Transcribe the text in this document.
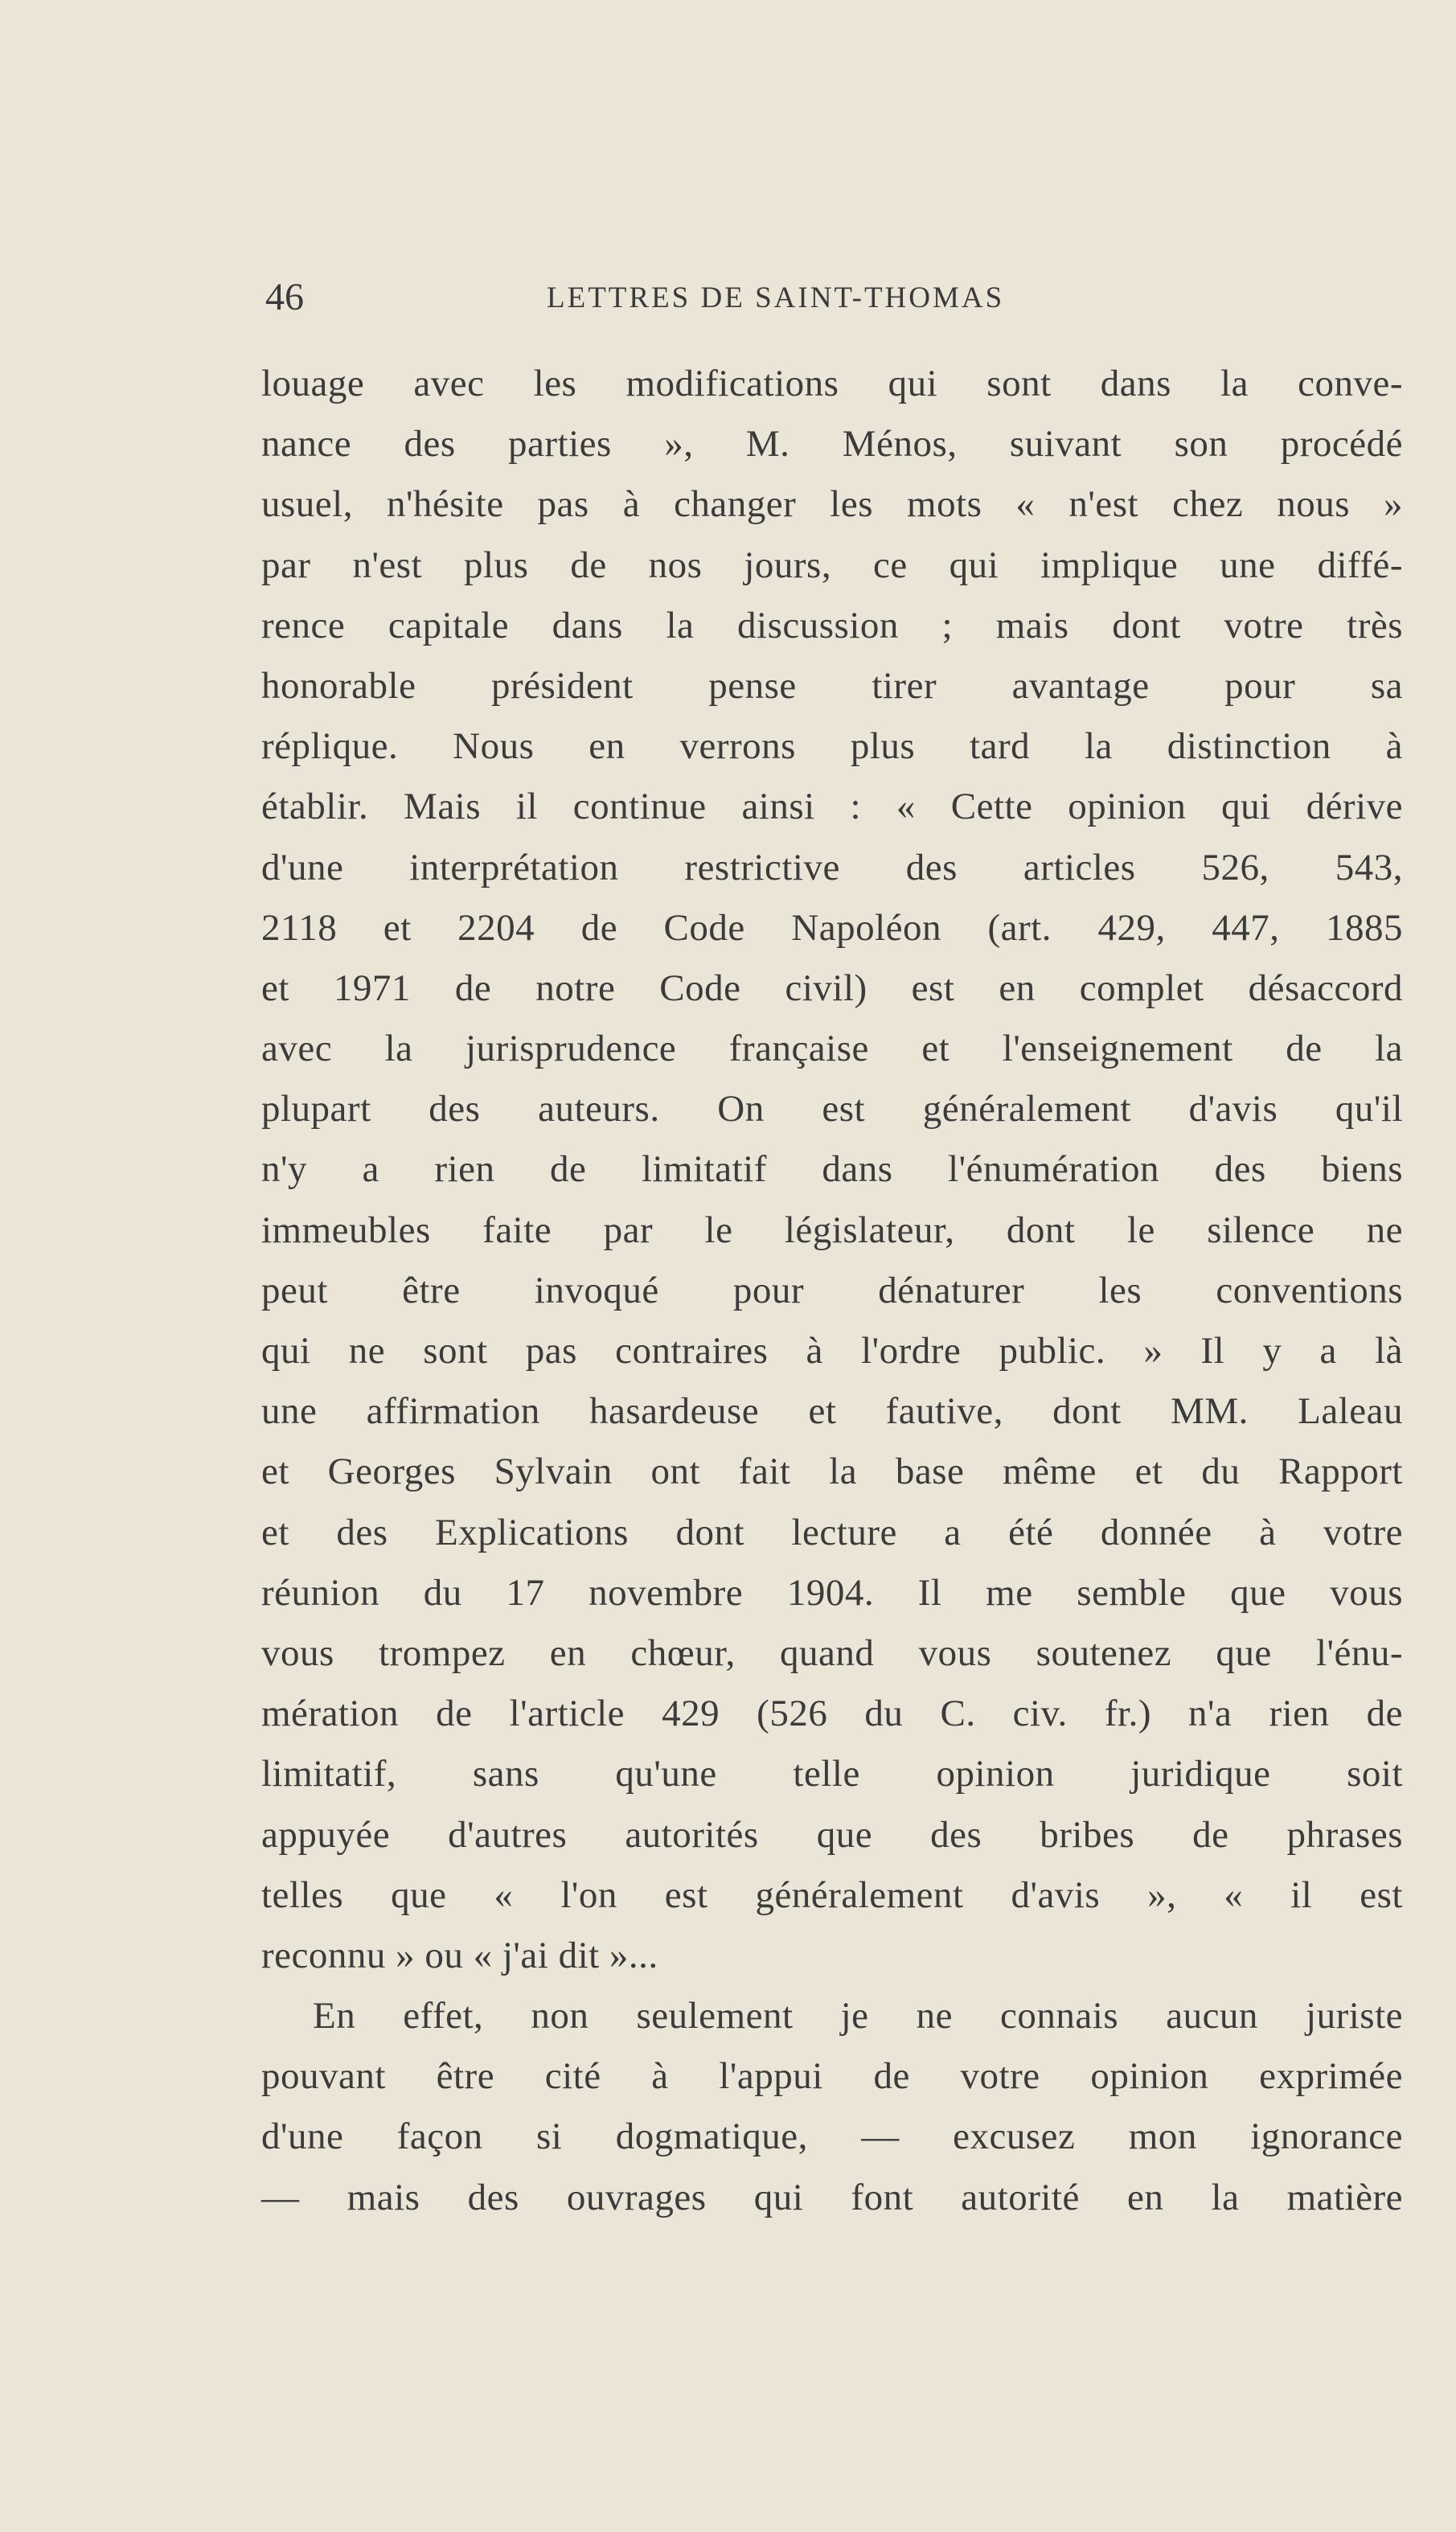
46	LETTRES DE SAINT-THOMAS
louage avec les modifications qui sont dans la conve-
nance des parties », M. Ménos, suivant son procédé
usuel, n'hésite pas à changer les mots « n'est chez nous »
par n'est plus de nos jours, ce qui implique une diffé-
rence capitale dans la discussion ; mais dont votre très
honorable président pense tirer avantage pour sa
réplique. Nous en verrons plus tard la distinction à
établir. Mais il continue ainsi : « Cette opinion qui dérive
d'une interprétation restrictive des articles 526, 543,
2118 et 2204 de Code Napoléon (art. 429, 447, 1885
et 1971 de notre Code civil) est en complet désaccord
avec la jurisprudence française et l'enseignement de la
plupart des auteurs. On est généralement d'avis qu'il
n'y a rien de limitatif dans l'énumération des biens
immeubles faite par le législateur, dont le silence ne
peut être invoqué pour dénaturer les conventions
qui ne sont pas contraires à l'ordre public. » Il y a là
une affirmation hasardeuse et fautive, dont MM. Laleau
et Georges Sylvain ont fait la base même et du Rapport
et des Explications dont lecture a été donnée à votre
réunion du 17 novembre 1904. Il me semble que vous
vous trompez en chœur, quand vous soutenez que l'énu-
mération de l'article 429 (526 du C. civ. fr.) n'a rien de
limitatif, sans qu'une telle opinion juridique soit
appuyée d'autres autorités que des bribes de phrases
telles que « l'on est généralement d'avis », « il est
reconnu » ou « j'ai dit »...
En effet, non seulement je ne connais aucun juriste
pouvant être cité à l'appui de votre opinion exprimée
d'une façon si dogmatique, — excusez mon ignorance
— mais des ouvrages qui font autorité en la matière
